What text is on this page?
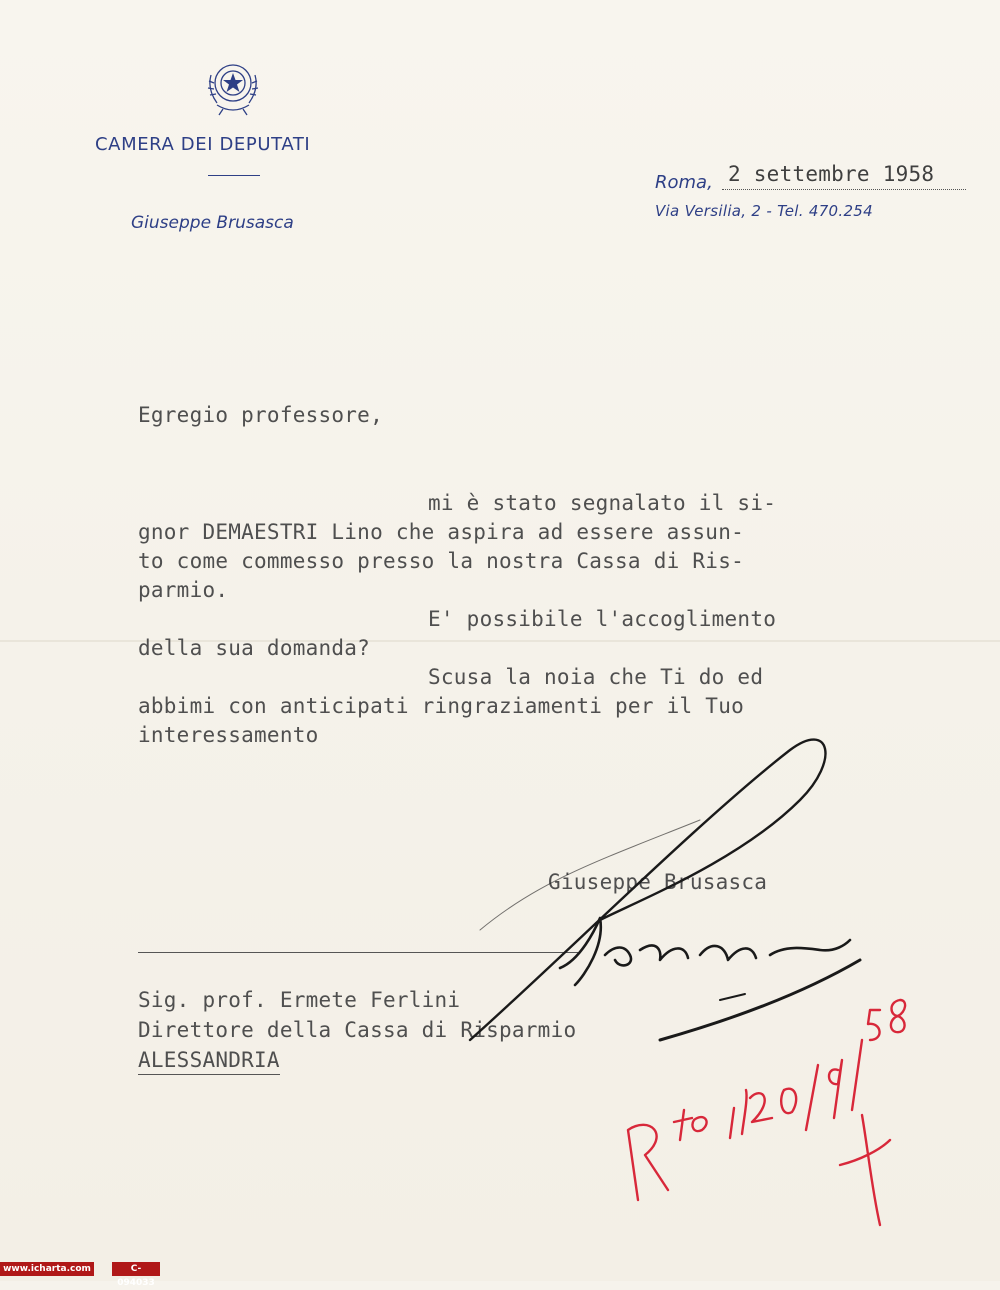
CAMERA DEI DEPUTATI
Giuseppe Brusasca
Roma,
Via Versilia, 2 - Tel. 470.254
2 settembre 1958
Egregio professore,
mi è stato segnalato il si-
gnor DEMAESTRI Lino che aspira ad essere assun-
to come commesso presso la nostra Cassa di Ris-
parmio.
E' possibile l'accoglimento
della sua domanda?
Scusa la noia che Ti do ed
abbimi con anticipati ringraziamenti per il Tuo
interessamento
Giuseppe Brusasca
Sig. prof. Ermete Ferlini
Direttore della Cassa di Risparmio
ALESSANDRIA
www.icharta.com	C-094033
